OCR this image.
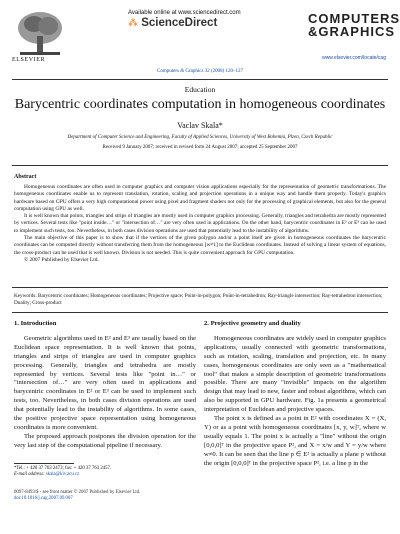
Available online at www.sciencedirect.com
⁂ ScienceDirect
ELSEVIER
COMPUTERS
&GRAPHICS
www.elsevier.com/locate/cag
Computers & Graphics 32 (2008) 120–127
Education
Barycentric coordinates computation in homogeneous coordinates
Vaclav Skala*
Department of Computer Science and Engineering, Faculty of Applied Sciences, University of West Bohemia, Plzen, Czech Republic
Received 9 January 2007; received in revised form 24 August 2007; accepted 25 September 2007
Abstract

Homogeneous coordinates are often used in computer graphics and computer vision applications especially for the representation of geometric transformations. The homogeneous coordinates enable us to represent translation, rotation, scaling and projection operations in a unique way and handle them properly. Today's graphics hardware based on GPU offers a very high computational power using pixel and fragment shaders not only for the processing of graphical elements, but also for the general computation using GPU as well.

It is well known that points, triangles and strips of triangles are mostly used in computer graphics processing. Generally, triangles and tetrahedra are mostly represented by vertices. Several tests like "point inside…" or "intersection of…" are very often used in applications. On the other hand, barycentric coordinates in E² or E³ can be used to implement such tests, too. Nevertheless, in both cases division operations are used that potentially lead to the instability of algorithms.

The main objective of this paper is to show that if the vertices of the given polygon and/or a point itself are given in homogeneous coordinates the barycentric coordinates can be computed directly without transferring them from the homogeneous [w≠1] to the Euclidean coordinates. Instead of solving a linear system of equations, the cross-product can be used that is well known. Division is not needed. This is quite convenient approach for GPU computation.

© 2007 Published by Elsevier Ltd.

Keywords: Barycentric coordinates; Homogeneous coordinates; Projective space; Point-in-polygon; Point-in-tetrahedron; Ray-triangle intersection; Ray-tetrahedron intersection; Duality; Cross-product
1. Introduction

Geometric algorithms used in E² and E³ are usually based on the Euclidean space representation. It is well known that points, triangles and strips of triangles are used in computer graphics processing. Generally, triangles and tetrahedra are mostly represented by vertices. Several tests like "point in…" or "intersection of…" are very often used in applications and barycentric coordinates in E² or E³ can be used to implement such tests, too. Nevertheless, in both cases division operations are used that potentially lead to the instability of algorithms. In some cases, the positive projective space representation using homogeneous coordinates is more convenient.

The proposed approach postpones the division operation for the very last step of the computational pipeline if necessary.

2. Projective geometry and duality

Homogeneous coordinates are widely used in computer graphics applications, usually connected with geometric transformations, such as rotation, scaling, translation and projection, etc. In many cases, homogeneous coordinates are only seen as a "mathematical tool" that makes a simple description of geometric transformations possible. There are many "invisible" impacts on the algorithm design that may lead to new, faster and robust algorithms, which can also be supported in GPU hardware. Fig. 1a presents a geometrical interpretation of Euclidean and projective spaces.

The point x is defined as a point in E² with coordinates X = (X, Y) or as a point with homogeneous coordinates [x, y, w]ᵀ, where w usually equals 1. The point x is actually a "line" without the origin [0,0,0]ᵀ in the projective space P², and X = x/w and Y = y/w where w≠0. It can be seen that the line p ∈ E² is actually a plane p without the origin [0,0,0]ᵀ in the projective space P², i.e. a line p in the

*Tel.: + 420 37 763 2473; fax: + 420 37 763 2457.
E-mail address: skala@kiv.zcu.cz
0097-8493/$ - see front matter © 2007 Published by Elsevier Ltd.
doi:10.1016/j.cag.2007.09.007
